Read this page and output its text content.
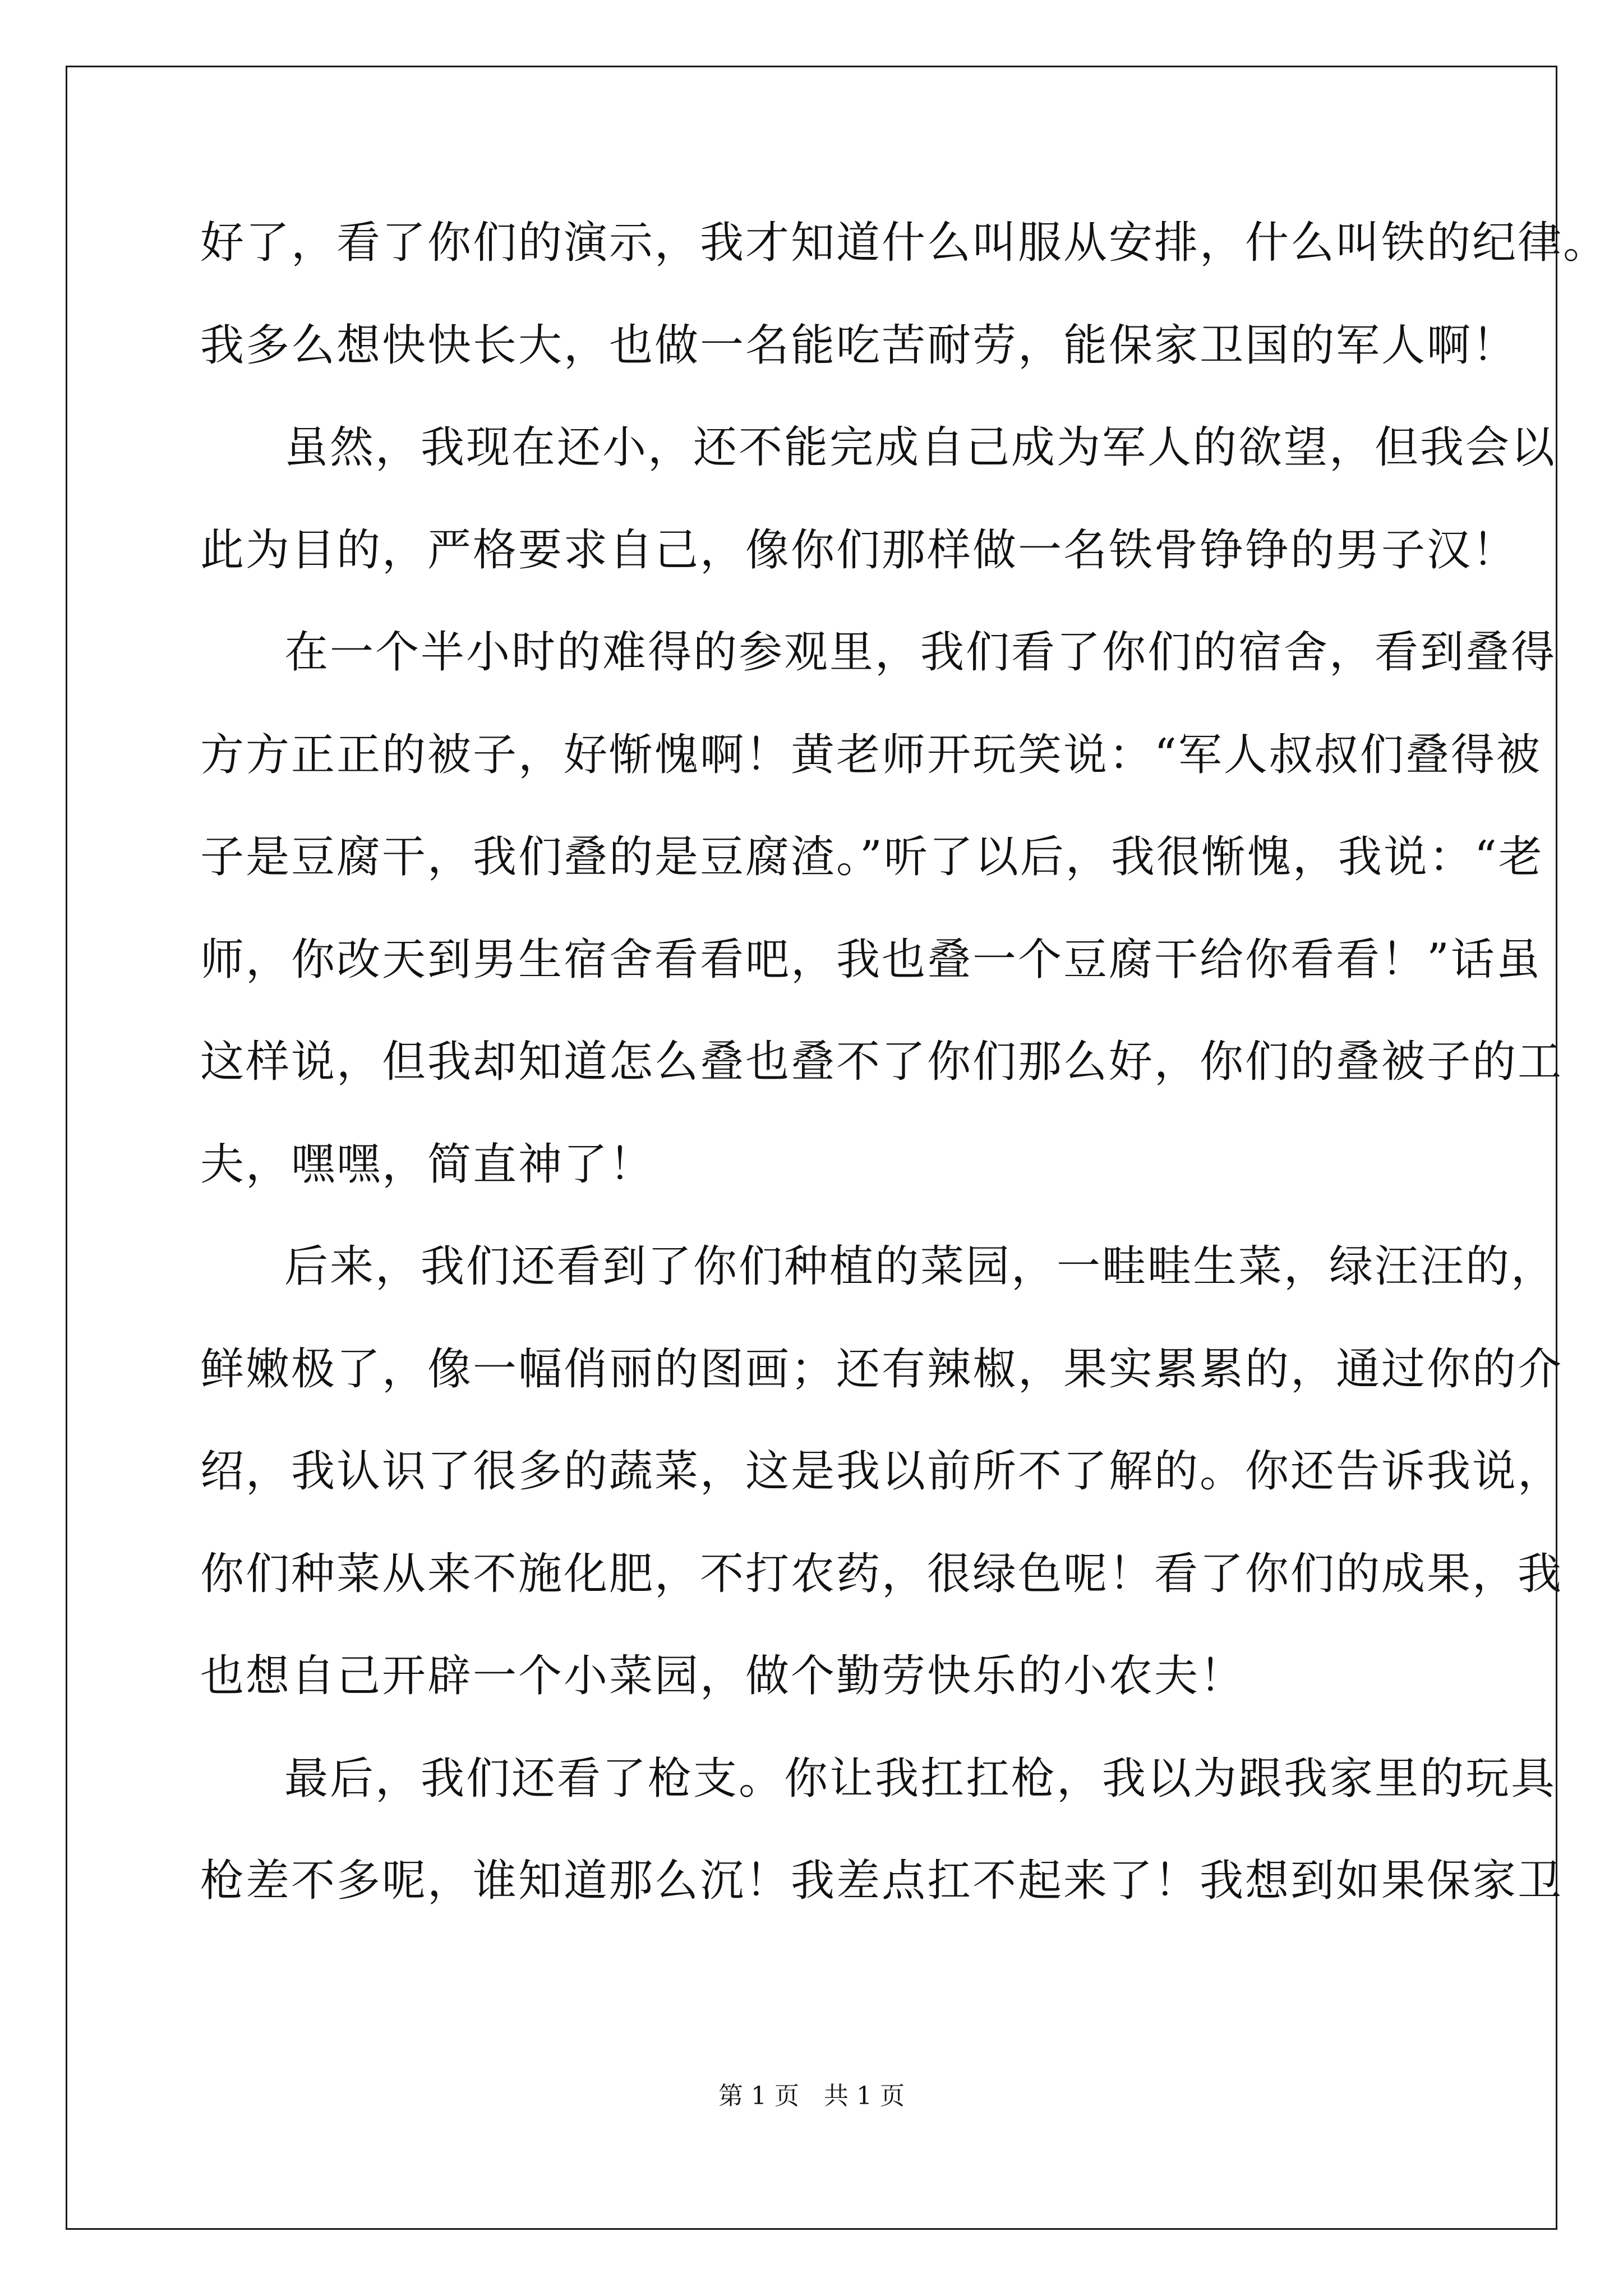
好了，看了你们的演示，我才知道什么叫服从安排，什么叫铁的纪律。
我多么想快快长大，也做一名能吃苦耐劳，能保家卫国的军人啊！
虽然，我现在还小，还不能完成自己成为军人的欲望，但我会以
此为目的，严格要求自己，像你们那样做一名铁骨铮铮的男子汉！
在一个半小时的难得的参观里，我们看了你们的宿舍，看到叠得
方方正正的被子，好惭愧啊！黄老师开玩笑说：“军人叔叔们叠得被
子是豆腐干，我们叠的是豆腐渣。”听了以后，我很惭愧，我说：“老
师，你改天到男生宿舍看看吧，我也叠一个豆腐干给你看看！”话虽
这样说，但我却知道怎么叠也叠不了你们那么好，你们的叠被子的工
夫，嘿嘿，简直神了！
后来，我们还看到了你们种植的菜园，一畦畦生菜，绿汪汪的，
鲜嫩极了，像一幅俏丽的图画；还有辣椒，果实累累的，通过你的介
绍，我认识了很多的蔬菜，这是我以前所不了解的。你还告诉我说，
你们种菜从来不施化肥，不打农药，很绿色呢！看了你们的成果，我
也想自己开辟一个小菜园，做个勤劳快乐的小农夫！
最后，我们还看了枪支。你让我扛扛枪，我以为跟我家里的玩具
枪差不多呢，谁知道那么沉！我差点扛不起来了！我想到如果保家卫
第 1 页　共 1 页
